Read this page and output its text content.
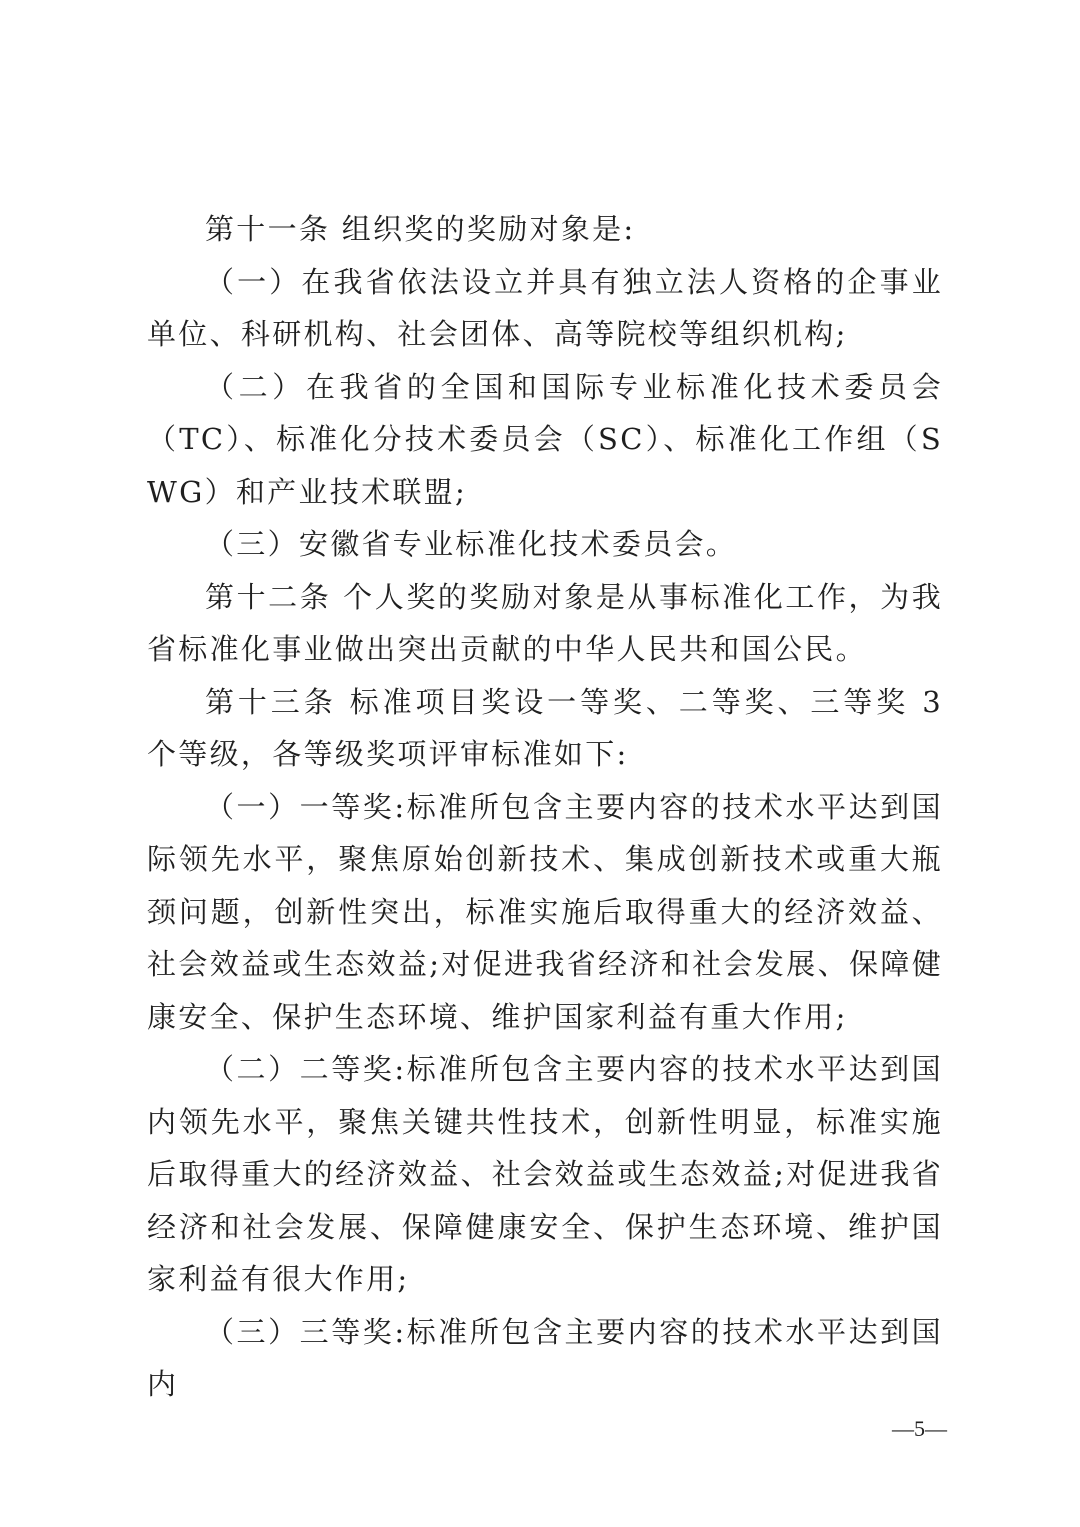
第十一条 组织奖的奖励对象是:

（一）在我省依法设立并具有独立法人资格的企事业单位、科研机构、社会团体、高等院校等组织机构;

（二）在我省的全国和国际专业标准化技术委员会（TC）、标准化分技术委员会（SC）、标准化工作组（SWG）和产业技术联盟;

（三）安徽省专业标准化技术委员会。

第十二条 个人奖的奖励对象是从事标准化工作，为我省标准化事业做出突出贡献的中华人民共和国公民。

第十三条 标准项目奖设一等奖、二等奖、三等奖 3 个等级，各等级奖项评审标准如下:

（一）一等奖:标准所包含主要内容的技术水平达到国际领先水平，聚焦原始创新技术、集成创新技术或重大瓶颈问题，创新性突出，标准实施后取得重大的经济效益、社会效益或生态效益;对促进我省经济和社会发展、保障健康安全、保护生态环境、维护国家利益有重大作用;

（二）二等奖:标准所包含主要内容的技术水平达到国内领先水平，聚焦关键共性技术，创新性明显，标准实施后取得重大的经济效益、社会效益或生态效益;对促进我省经济和社会发展、保障健康安全、保护生态环境、维护国家利益有很大作用;

（三）三等奖:标准所包含主要内容的技术水平达到国内

—5—
